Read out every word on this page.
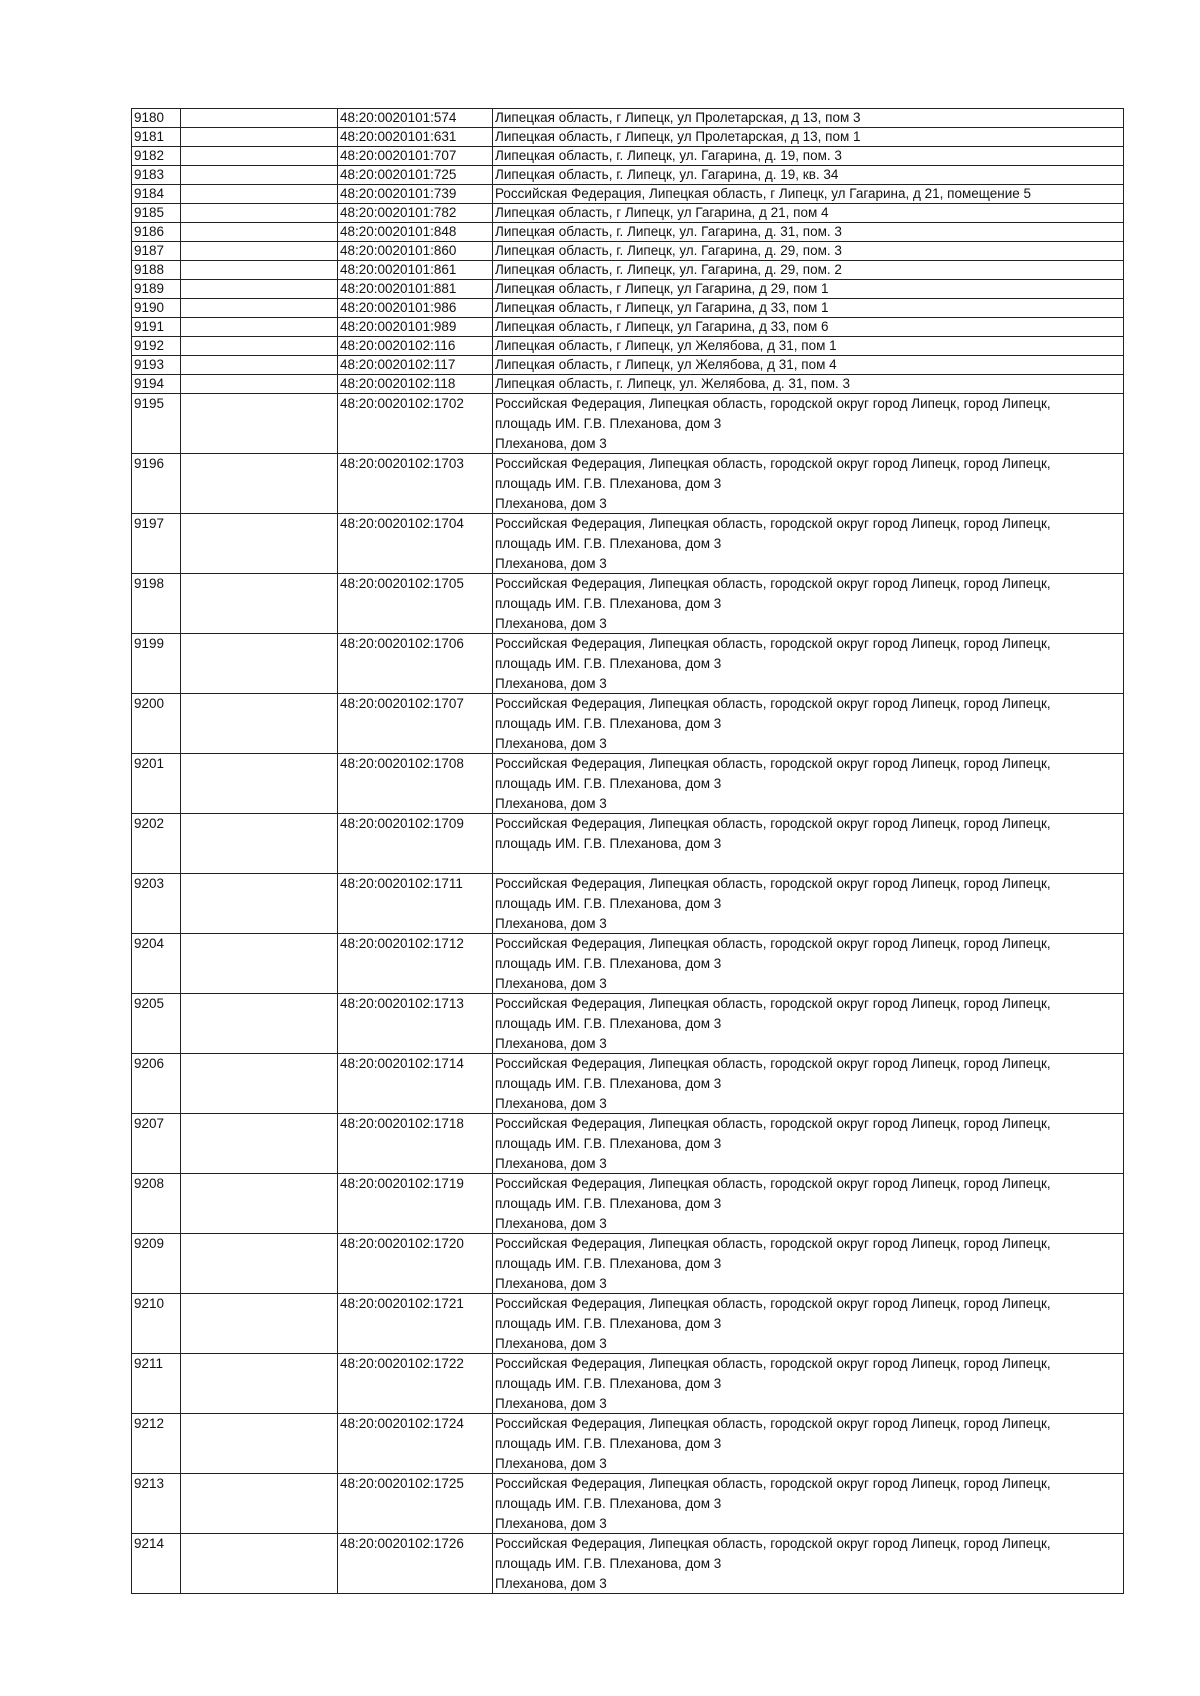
9180		48:20:0020101:574	Липецкая область, г Липецк, ул Пролетарская, д 13, пом 3

9181		48:20:0020101:631	Липецкая область, г Липецк, ул Пролетарская, д 13, пом 1

9182		48:20:0020101:707	Липецкая область, г. Липецк, ул. Гагарина, д. 19, пом. 3

9183		48:20:0020101:725	Липецкая область, г. Липецк, ул. Гагарина, д. 19, кв. 34

9184		48:20:0020101:739	Российская Федерация, Липецкая область, г Липецк, ул Гагарина, д 21, помещение 5

9185		48:20:0020101:782	Липецкая область, г Липецк, ул Гагарина, д 21, пом 4

9186		48:20:0020101:848	Липецкая область, г. Липецк, ул. Гагарина, д. 31, пом. 3

9187		48:20:0020101:860	Липецкая область, г. Липецк, ул. Гагарина, д. 29, пом. 3

9188		48:20:0020101:861	Липецкая область, г. Липецк, ул. Гагарина, д. 29, пом. 2

9189		48:20:0020101:881	Липецкая область, г Липецк, ул Гагарина, д 29, пом 1

9190		48:20:0020101:986	Липецкая область, г Липецк, ул Гагарина, д 33, пом 1

9191		48:20:0020101:989	Липецкая область, г Липецк, ул Гагарина, д 33, пом 6

9192		48:20:0020102:116	Липецкая область, г Липецк, ул Желябова, д 31, пом 1

9193		48:20:0020102:117	Липецкая область, г Липецк, ул Желябова, д 31, пом 4

9194		48:20:0020102:118	Липецкая область, г. Липецк, ул. Желябова, д. 31, пом. 3

9195		48:20:0020102:1702	Российская Федерация, Липецкая область, городской округ город Липецк, город Липецк,
площадь ИМ. Г.В. Плеханова, дом 3
Плеханова, дом 3

9196		48:20:0020102:1703	Российская Федерация, Липецкая область, городской округ город Липецк, город Липецк,
площадь ИМ. Г.В. Плеханова, дом 3
Плеханова, дом 3

9197		48:20:0020102:1704	Российская Федерация, Липецкая область, городской округ город Липецк, город Липецк,
площадь ИМ. Г.В. Плеханова, дом 3
Плеханова, дом 3

9198		48:20:0020102:1705	Российская Федерация, Липецкая область, городской округ город Липецк, город Липецк,
площадь ИМ. Г.В. Плеханова, дом 3
Плеханова, дом 3

9199		48:20:0020102:1706	Российская Федерация, Липецкая область, городской округ город Липецк, город Липецк,
площадь ИМ. Г.В. Плеханова, дом 3
Плеханова, дом 3

9200		48:20:0020102:1707	Российская Федерация, Липецкая область, городской округ город Липецк, город Липецк,
площадь ИМ. Г.В. Плеханова, дом 3
Плеханова, дом 3

9201		48:20:0020102:1708	Российская Федерация, Липецкая область, городской округ город Липецк, город Липецк,
площадь ИМ. Г.В. Плеханова, дом 3
Плеханова, дом 3

9202		48:20:0020102:1709	Российская Федерация, Липецкая область, городской округ город Липецк, город Липецк,
площадь ИМ. Г.В. Плеханова, дом 3

9203		48:20:0020102:1711	Российская Федерация, Липецкая область, городской округ город Липецк, город Липецк,
площадь ИМ. Г.В. Плеханова, дом 3
Плеханова, дом 3

9204		48:20:0020102:1712	Российская Федерация, Липецкая область, городской округ город Липецк, город Липецк,
площадь ИМ. Г.В. Плеханова, дом 3
Плеханова, дом 3

9205		48:20:0020102:1713	Российская Федерация, Липецкая область, городской округ город Липецк, город Липецк,
площадь ИМ. Г.В. Плеханова, дом 3
Плеханова, дом 3

9206		48:20:0020102:1714	Российская Федерация, Липецкая область, городской округ город Липецк, город Липецк,
площадь ИМ. Г.В. Плеханова, дом 3
Плеханова, дом 3

9207		48:20:0020102:1718	Российская Федерация, Липецкая область, городской округ город Липецк, город Липецк,
площадь ИМ. Г.В. Плеханова, дом 3
Плеханова, дом 3

9208		48:20:0020102:1719	Российская Федерация, Липецкая область, городской округ город Липецк, город Липецк,
площадь ИМ. Г.В. Плеханова, дом 3
Плеханова, дом 3

9209		48:20:0020102:1720	Российская Федерация, Липецкая область, городской округ город Липецк, город Липецк,
площадь ИМ. Г.В. Плеханова, дом 3
Плеханова, дом 3

9210		48:20:0020102:1721	Российская Федерация, Липецкая область, городской округ город Липецк, город Липецк,
площадь ИМ. Г.В. Плеханова, дом 3
Плеханова, дом 3

9211		48:20:0020102:1722	Российская Федерация, Липецкая область, городской округ город Липецк, город Липецк,
площадь ИМ. Г.В. Плеханова, дом 3
Плеханова, дом 3

9212		48:20:0020102:1724	Российская Федерация, Липецкая область, городской округ город Липецк, город Липецк,
площадь ИМ. Г.В. Плеханова, дом 3
Плеханова, дом 3

9213		48:20:0020102:1725	Российская Федерация, Липецкая область, городской округ город Липецк, город Липецк,
площадь ИМ. Г.В. Плеханова, дом 3
Плеханова, дом 3

9214		48:20:0020102:1726	Российская Федерация, Липецкая область, городской округ город Липецк, город Липецк,
площадь ИМ. Г.В. Плеханова, дом 3
Плеханова, дом 3
